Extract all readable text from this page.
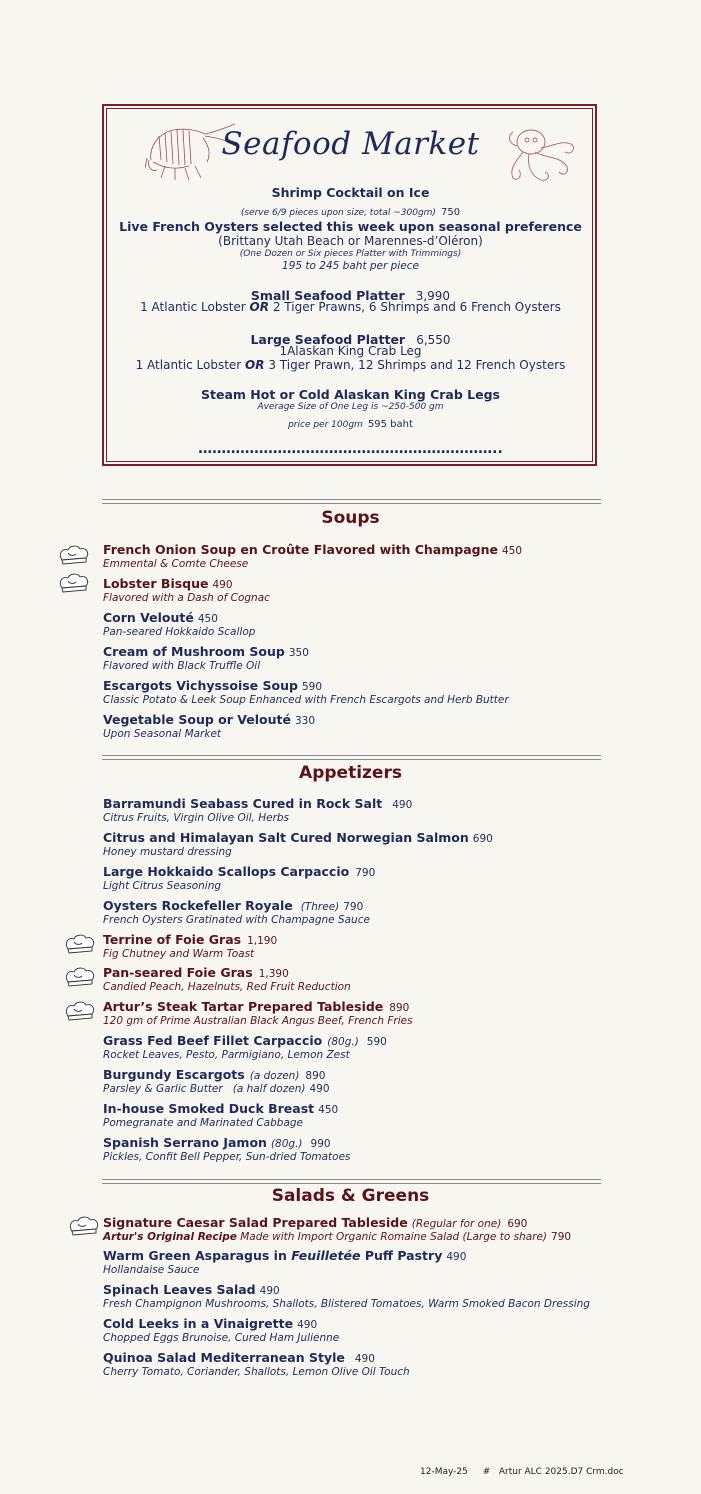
Seafood Market
Shrimp Cocktail on Ice
(serve 6/9 pieces upon size, total ~300gm) 750
Live French Oysters selected this week upon seasonal preference
(Brittany Utah Beach or Marennes-d’Oléron)
(One Dozen or Six pieces Platter with Trimmings)
195 to 245 baht per piece
Small Seafood Platter 3,990
1 Atlantic Lobster OR 2 Tiger Prawns, 6 Shrimps and 6 French Oysters
Large Seafood Platter 6,550
1Alaskan King Crab Leg
1 Atlantic Lobster OR 3 Tiger Prawn, 12 Shrimps and 12 French Oysters
Steam Hot or Cold Alaskan King Crab Legs
Average Size of One Leg is ~250-500 gm
price per 100gm 595 baht
………………………………………………………..
Soups
French Onion Soup en Croûte Flavored with Champagne 450
Emmental & Comte Cheese
Lobster Bisque 490
Flavored with a Dash of Cognac
Corn Velouté 450
Pan-seared Hokkaido Scallop
Cream of Mushroom Soup 350
Flavored with Black Truffle Oil
Escargots Vichyssoise Soup 590
Classic Potato & Leek Soup Enhanced with French Escargots and Herb Butter
Vegetable Soup or Velouté 330
Upon Seasonal Market
Appetizers
Barramundi Seabass Cured in Rock Salt 490
Citrus Fruits, Virgin Olive Oil, Herbs
Citrus and Himalayan Salt Cured Norwegian Salmon 690
Honey mustard dressing
Large Hokkaido Scallops Carpaccio 790
Light Citrus Seasoning
Oysters Rockefeller Royale (Three) 790
French Oysters Gratinated with Champagne Sauce
Terrine of Foie Gras 1,190
Fig Chutney and Warm Toast
Pan-seared Foie Gras 1,390
Candied Peach, Hazelnuts, Red Fruit Reduction
Artur’s Steak Tartar Prepared Tableside 890
120 gm of Prime Australian Black Angus Beef, French Fries
Grass Fed Beef Fillet Carpaccio (80g.) 590
Rocket Leaves, Pesto, Parmigiano, Lemon Zest
Burgundy Escargots (a dozen) 890
Parsley & Garlic Butter   (a half dozen) 490
In-house Smoked Duck Breast 450
Pomegranate and Marinated Cabbage
Spanish Serrano Jamon (80g.) 990
Pickles, Confit Bell Pepper, Sun-dried Tomatoes
Salads & Greens
Signature Caesar Salad Prepared Tableside (Regular for one) 690
Artur's Original Recipe Made with Import Organic Romaine Salad (Large to share) 790
Warm Green Asparagus in Feuilletée Puff Pastry 490
Hollandaise Sauce
Spinach Leaves Salad 490
Fresh Champignon Mushrooms, Shallots, Blistered Tomatoes, Warm Smoked Bacon Dressing
Cold Leeks in a Vinaigrette 490
Chopped Eggs Brunoise, Cured Ham Julienne
Quinoa Salad Mediterranean Style 490
Cherry Tomato, Coriander, Shallots, Lemon Olive Oil Touch
12-May-25 #   Artur ALC 2025.D7 Crm.doc
